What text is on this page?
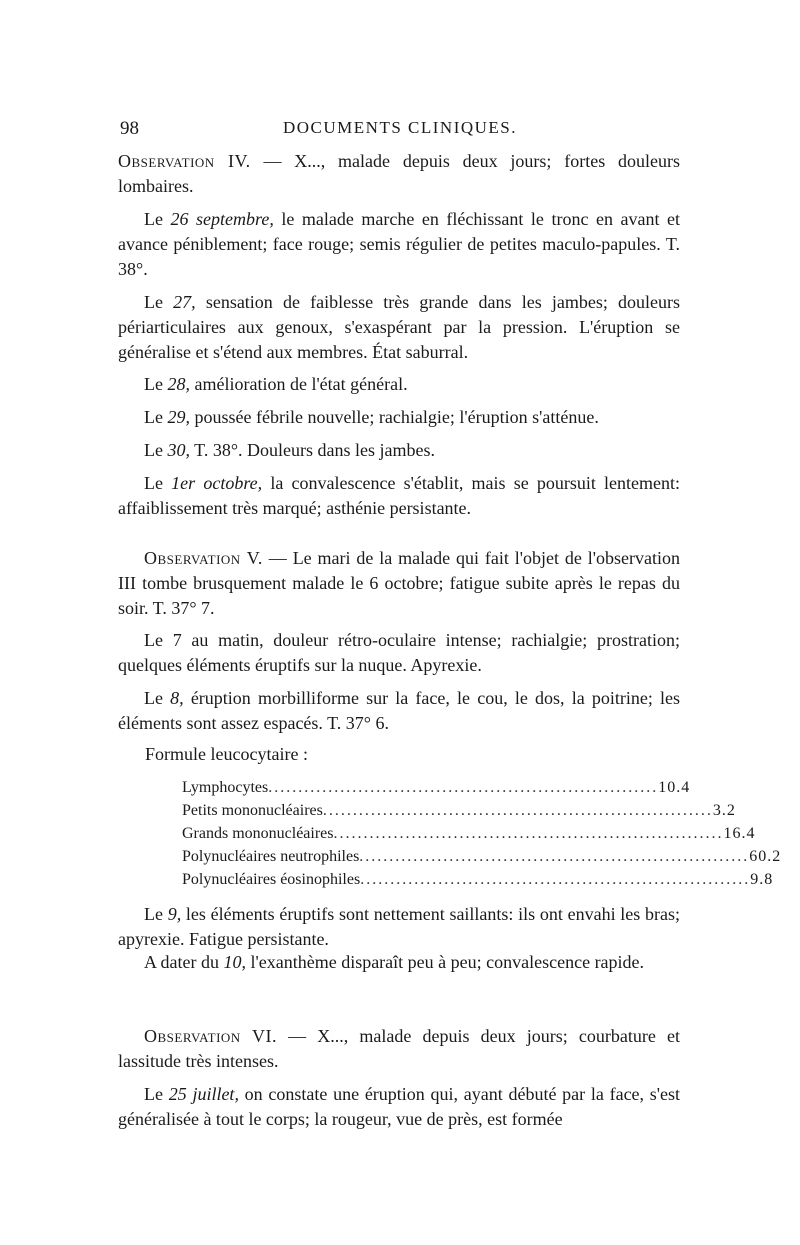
98	DOCUMENTS CLINIQUES.

Observation IV. — X..., malade depuis deux jours; fortes douleurs lombaires.

Le 26 septembre, le malade marche en fléchissant le tronc en avant et avance péniblement; face rouge; semis régulier de petites maculo-papules. T. 38°.

Le 27, sensation de faiblesse très grande dans les jambes; douleurs périarticulaires aux genoux, s'exaspérant par la pression. L'éruption se généralise et s'étend aux membres. État saburral.

Le 28, amélioration de l'état général.

Le 29, poussée fébrile nouvelle; rachialgie; l'éruption s'atténue.

Le 30, T. 38°. Douleurs dans les jambes.

Le 1er octobre, la convalescence s'établit, mais se poursuit lentement: affaiblissement très marqué; asthénie persistante.

Observation V. — Le mari de la malade qui fait l'objet de l'observation III tombe brusquement malade le 6 octobre; fatigue subite après le repas du soir. T. 37° 7.

Le 7 au matin, douleur rétro-oculaire intense; rachialgie; prostration; quelques éléments éruptifs sur la nuque. Apyrexie.

Le 8, éruption morbilliforme sur la face, le cou, le dos, la poitrine; les éléments sont assez espacés. T. 37° 6.

Formule leucocytaire :
Lymphocytes ................................................................. 10.4
Petits mononucléaires ................................................................. 3.2
Grands mononucléaires ................................................................. 16.4
Polynucléaires neutrophiles ................................................................. 60.2
Polynucléaires éosinophiles ................................................................. 9.8

Le 9, les éléments éruptifs sont nettement saillants: ils ont envahi les bras; apyrexie. Fatigue persistante.

A dater du 10, l'exanthème disparaît peu à peu; convalescence rapide.

Observation VI. — X..., malade depuis deux jours; courbature et lassitude très intenses.

Le 25 juillet, on constate une éruption qui, ayant débuté par la face, s'est généralisée à tout le corps; la rougeur, vue de près, est formée
